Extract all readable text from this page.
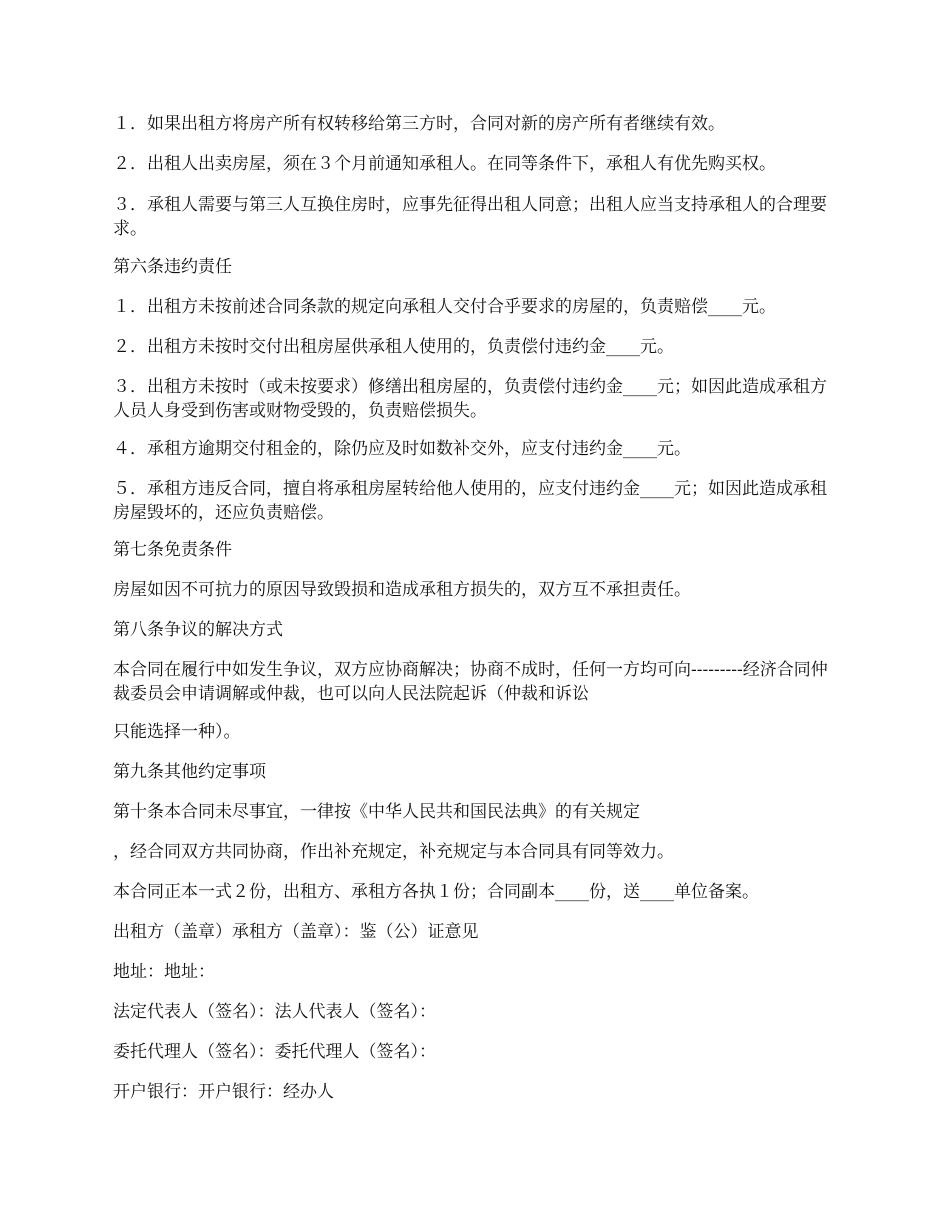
１．如果出租方将房产所有权转移给第三方时，合同对新的房产所有者继续有效。
２．出租人出卖房屋，须在３个月前通知承租人。在同等条件下，承租人有优先购买权。
３．承租人需要与第三人互换住房时，应事先征得出租人同意；出租人应当支持承租人的合理要求。
第六条违约责任
１．出租方未按前述合同条款的规定向承租人交付合乎要求的房屋的，负责赔偿____元。
２．出租方未按时交付出租房屋供承租人使用的，负责偿付违约金____元。
３．出租方未按时（或未按要求）修缮出租房屋的，负责偿付违约金____元；如因此造成承租方人员人身受到伤害或财物受毁的，负责赔偿损失。
４．承租方逾期交付租金的，除仍应及时如数补交外，应支付违约金____元。
５．承租方违反合同，擅自将承租房屋转给他人使用的，应支付违约金____元；如因此造成承租房屋毁坏的，还应负责赔偿。
第七条免责条件
房屋如因不可抗力的原因导致毁损和造成承租方损失的，双方互不承担责任。
第八条争议的解决方式
本合同在履行中如发生争议，双方应协商解决；协商不成时，任何一方均可向---------经济合同仲裁委员会申请调解或仲裁，也可以向人民法院起诉（仲裁和诉讼
只能选择一种）。
第九条其他约定事项
第十条本合同未尽事宜，一律按《中华人民共和国民法典》的有关规定
，经合同双方共同协商，作出补充规定，补充规定与本合同具有同等效力。
本合同正本一式２份，出租方、承租方各执１份；合同副本____份，送____单位备案。
出租方（盖章）承租方（盖章）：鉴（公）证意见
地址：地址：
法定代表人（签名）：法人代表人（签名）：
委托代理人（签名）：委托代理人（签名）：
开户银行：开户银行：经办人
